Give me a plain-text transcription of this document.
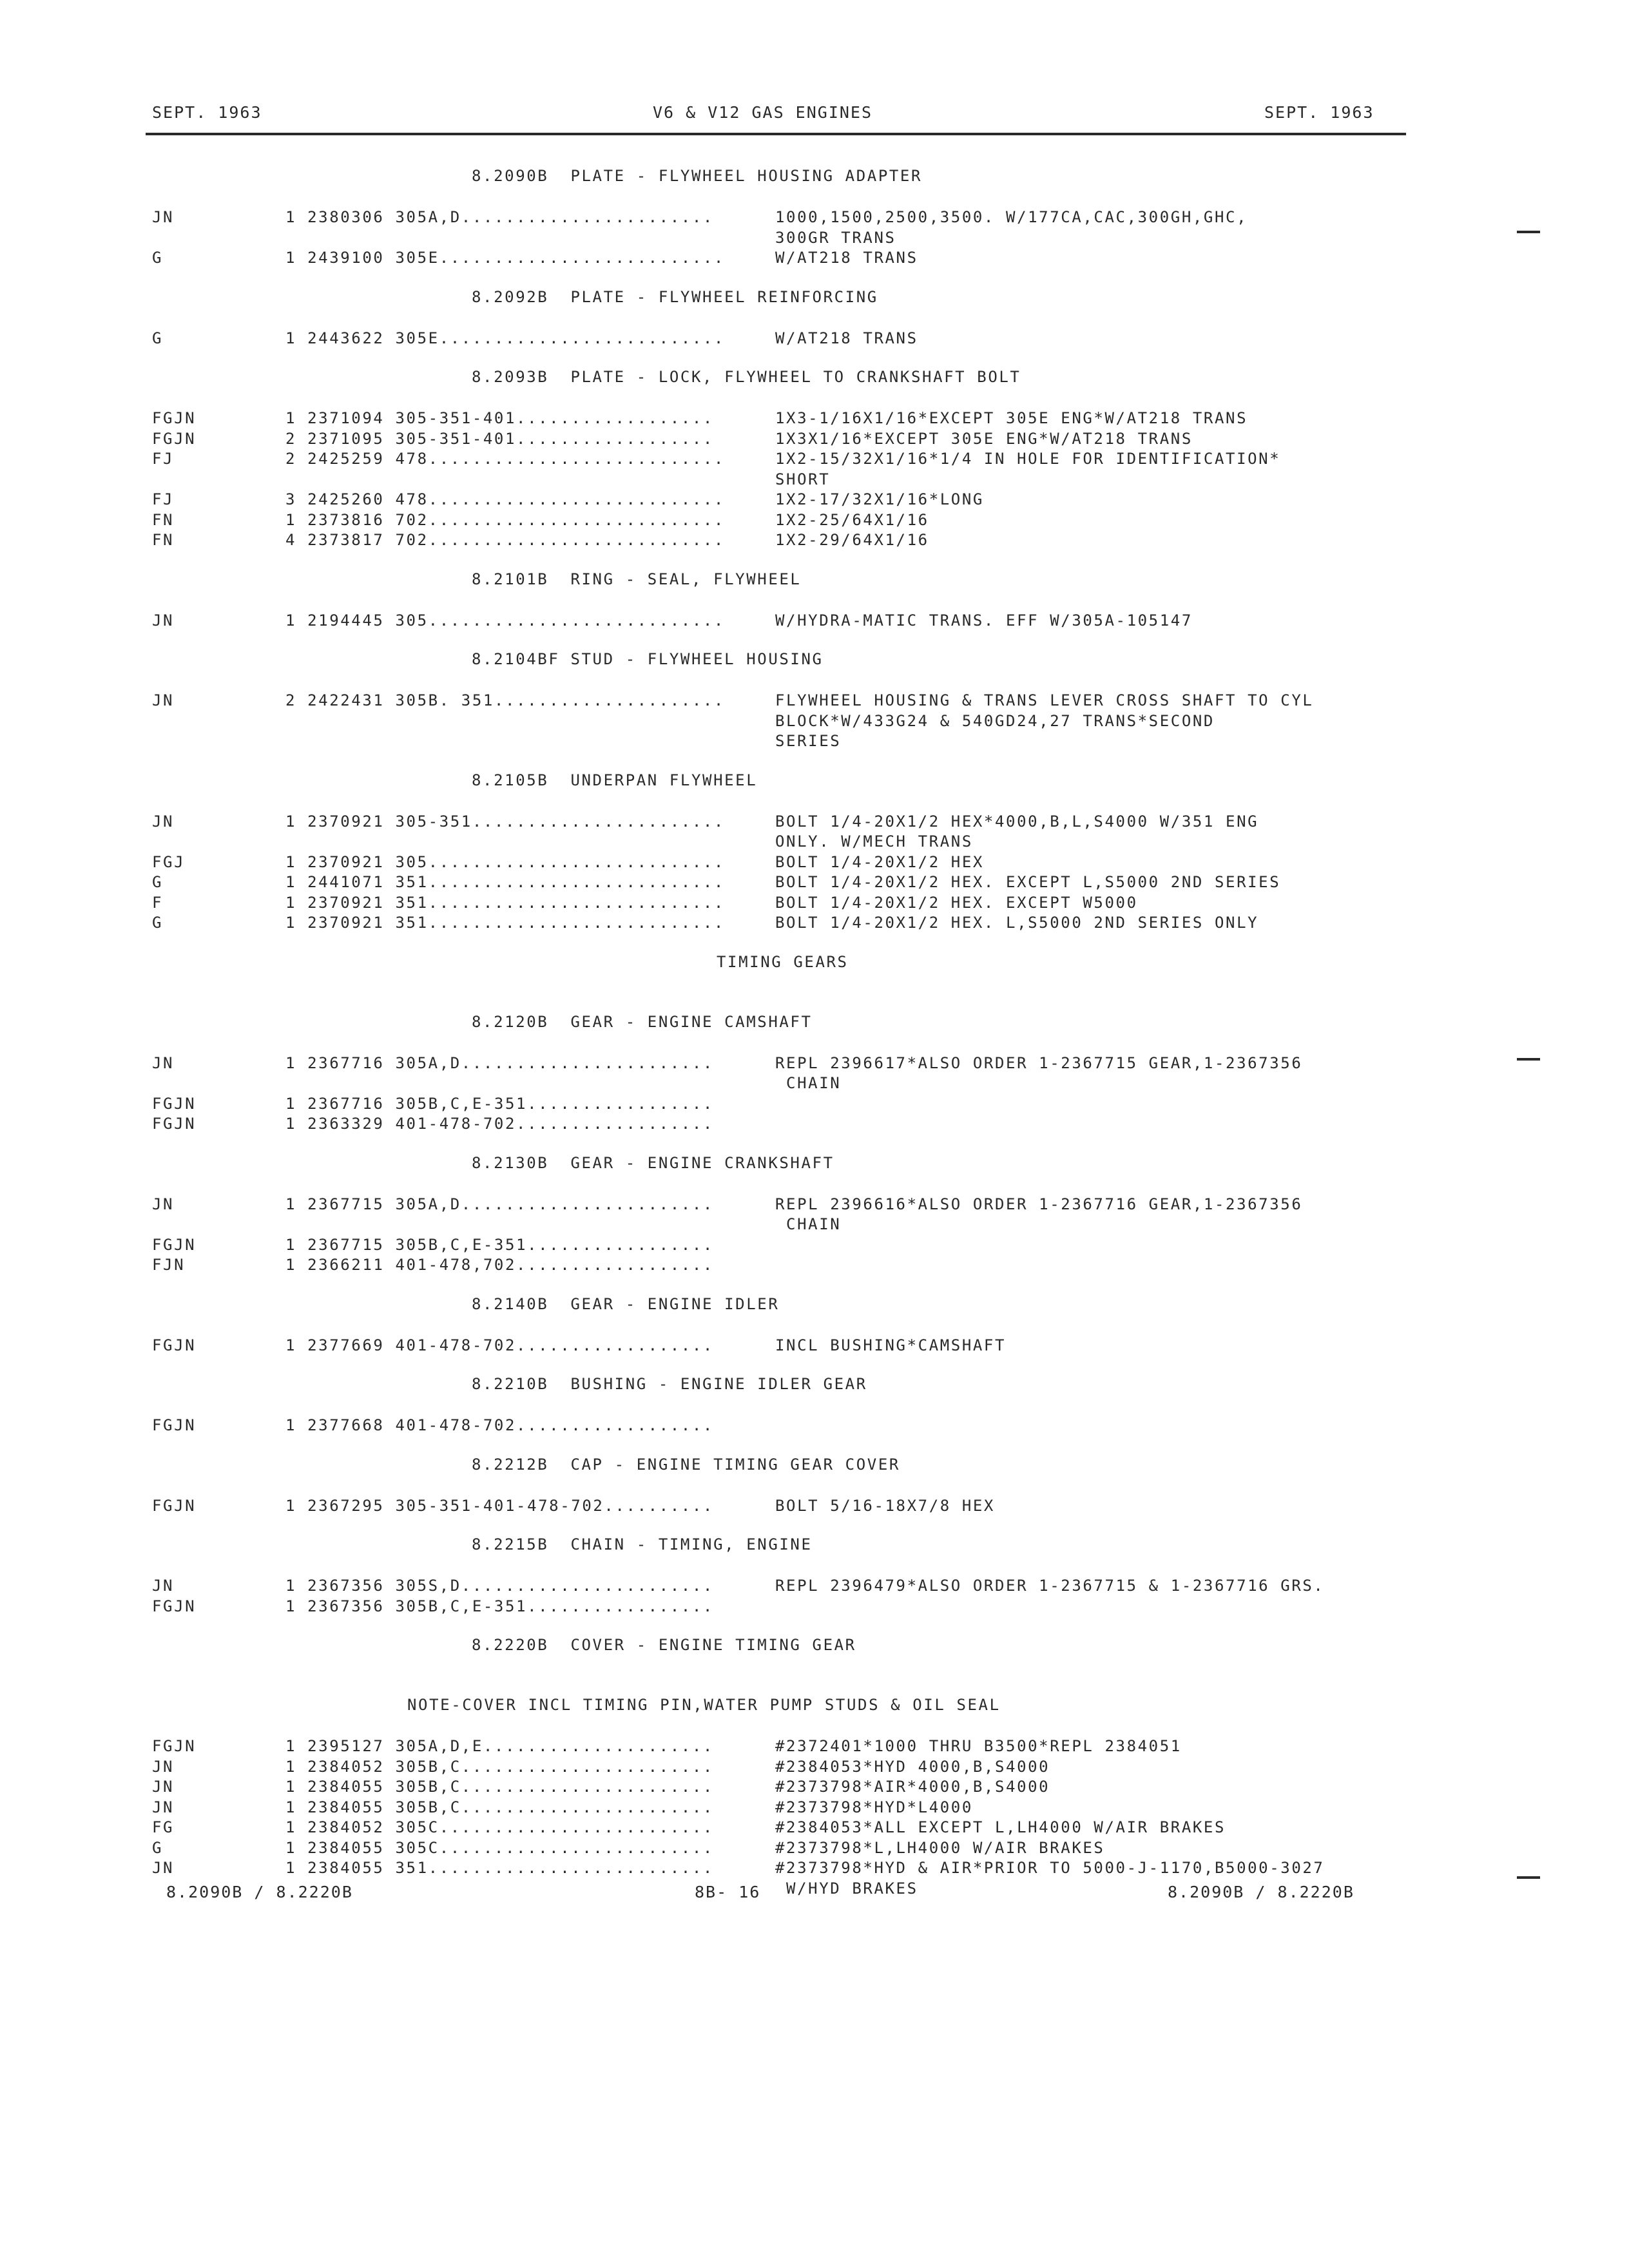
SEPT. 1963	V6 & V12 GAS ENGINES	SEPT. 1963
8.2090B  PLATE - FLYWHEEL HOUSING ADAPTER
JN	1 2380306 305A,D.......................	1000,1500,2500,3500. W/177CA,CAC,300GH,GHC,
300GR TRANS
G	1 2439100 305E..........................	W/AT218 TRANS
8.2092B  PLATE - FLYWHEEL REINFORCING
G	1 2443622 305E..........................	W/AT218 TRANS
8.2093B  PLATE - LOCK, FLYWHEEL TO CRANKSHAFT BOLT
FGJN	1 2371094 305-351-401..................	1X3-1/16X1/16*EXCEPT 305E ENG*W/AT218 TRANS
FGJN	2 2371095 305-351-401..................	1X3X1/16*EXCEPT 305E ENG*W/AT218 TRANS
FJ	2 2425259 478...........................	1X2-15/32X1/16*1/4 IN HOLE FOR IDENTIFICATION*
SHORT
FJ	3 2425260 478...........................	1X2-17/32X1/16*LONG
FN	1 2373816 702...........................	1X2-25/64X1/16
FN	4 2373817 702...........................	1X2-29/64X1/16
8.2101B  RING - SEAL, FLYWHEEL
JN	1 2194445 305...........................	W/HYDRA-MATIC TRANS. EFF W/305A-105147
8.2104BF STUD - FLYWHEEL HOUSING
JN	2 2422431 305B. 351.....................	FLYWHEEL HOUSING & TRANS LEVER CROSS SHAFT TO CYL
BLOCK*W/433G24 & 540GD24,27 TRANS*SECOND
SERIES
8.2105B  UNDERPAN FLYWHEEL
JN	1 2370921 305-351.......................	BOLT 1/4-20X1/2 HEX*4000,B,L,S4000 W/351 ENG
ONLY. W/MECH TRANS
FGJ	1 2370921 305...........................	BOLT 1/4-20X1/2 HEX
G	1 2441071 351...........................	BOLT 1/4-20X1/2 HEX. EXCEPT L,S5000 2ND SERIES
F	1 2370921 351...........................	BOLT 1/4-20X1/2 HEX. EXCEPT W5000
G	1 2370921 351...........................	BOLT 1/4-20X1/2 HEX. L,S5000 2ND SERIES ONLY
TIMING GEARS
8.2120B  GEAR - ENGINE CAMSHAFT
JN	1 2367716 305A,D.......................	REPL 2396617*ALSO ORDER 1-2367715 GEAR,1-2367356
CHAIN
FGJN	1 2367716 305B,C,E-351.................
FGJN	1 2363329 401-478-702..................
8.2130B  GEAR - ENGINE CRANKSHAFT
JN	1 2367715 305A,D.......................	REPL 2396616*ALSO ORDER 1-2367716 GEAR,1-2367356
CHAIN
FGJN	1 2367715 305B,C,E-351.................
FJN	1 2366211 401-478,702..................
8.2140B  GEAR - ENGINE IDLER
FGJN	1 2377669 401-478-702..................	INCL BUSHING*CAMSHAFT
8.2210B  BUSHING - ENGINE IDLER GEAR
FGJN	1 2377668 401-478-702..................
8.2212B  CAP - ENGINE TIMING GEAR COVER
FGJN	1 2367295 305-351-401-478-702..........	BOLT 5/16-18X7/8 HEX
8.2215B  CHAIN - TIMING, ENGINE
JN	1 2367356 305S,D.......................	REPL 2396479*ALSO ORDER 1-2367715 & 1-2367716 GRS.
FGJN	1 2367356 305B,C,E-351.................
8.2220B  COVER - ENGINE TIMING GEAR
NOTE-COVER INCL TIMING PIN,WATER PUMP STUDS & OIL SEAL
FGJN	1 2395127 305A,D,E.....................	#2372401*1000 THRU B3500*REPL 2384051
JN	1 2384052 305B,C.......................	#2384053*HYD 4000,B,S4000
JN	1 2384055 305B,C.......................	#2373798*AIR*4000,B,S4000
JN	1 2384055 305B,C.......................	#2373798*HYD*L4000
FG	1 2384052 305C.........................	#2384053*ALL EXCEPT L,LH4000 W/AIR BRAKES
G	1 2384055 305C.........................	#2373798*L,LH4000 W/AIR BRAKES
JN	1 2384055 351..........................	#2373798*HYD & AIR*PRIOR TO 5000-J-1170,B5000-3027
W/HYD BRAKES
8.2090B / 8.2220B	8B- 16	8.2090B / 8.2220B
